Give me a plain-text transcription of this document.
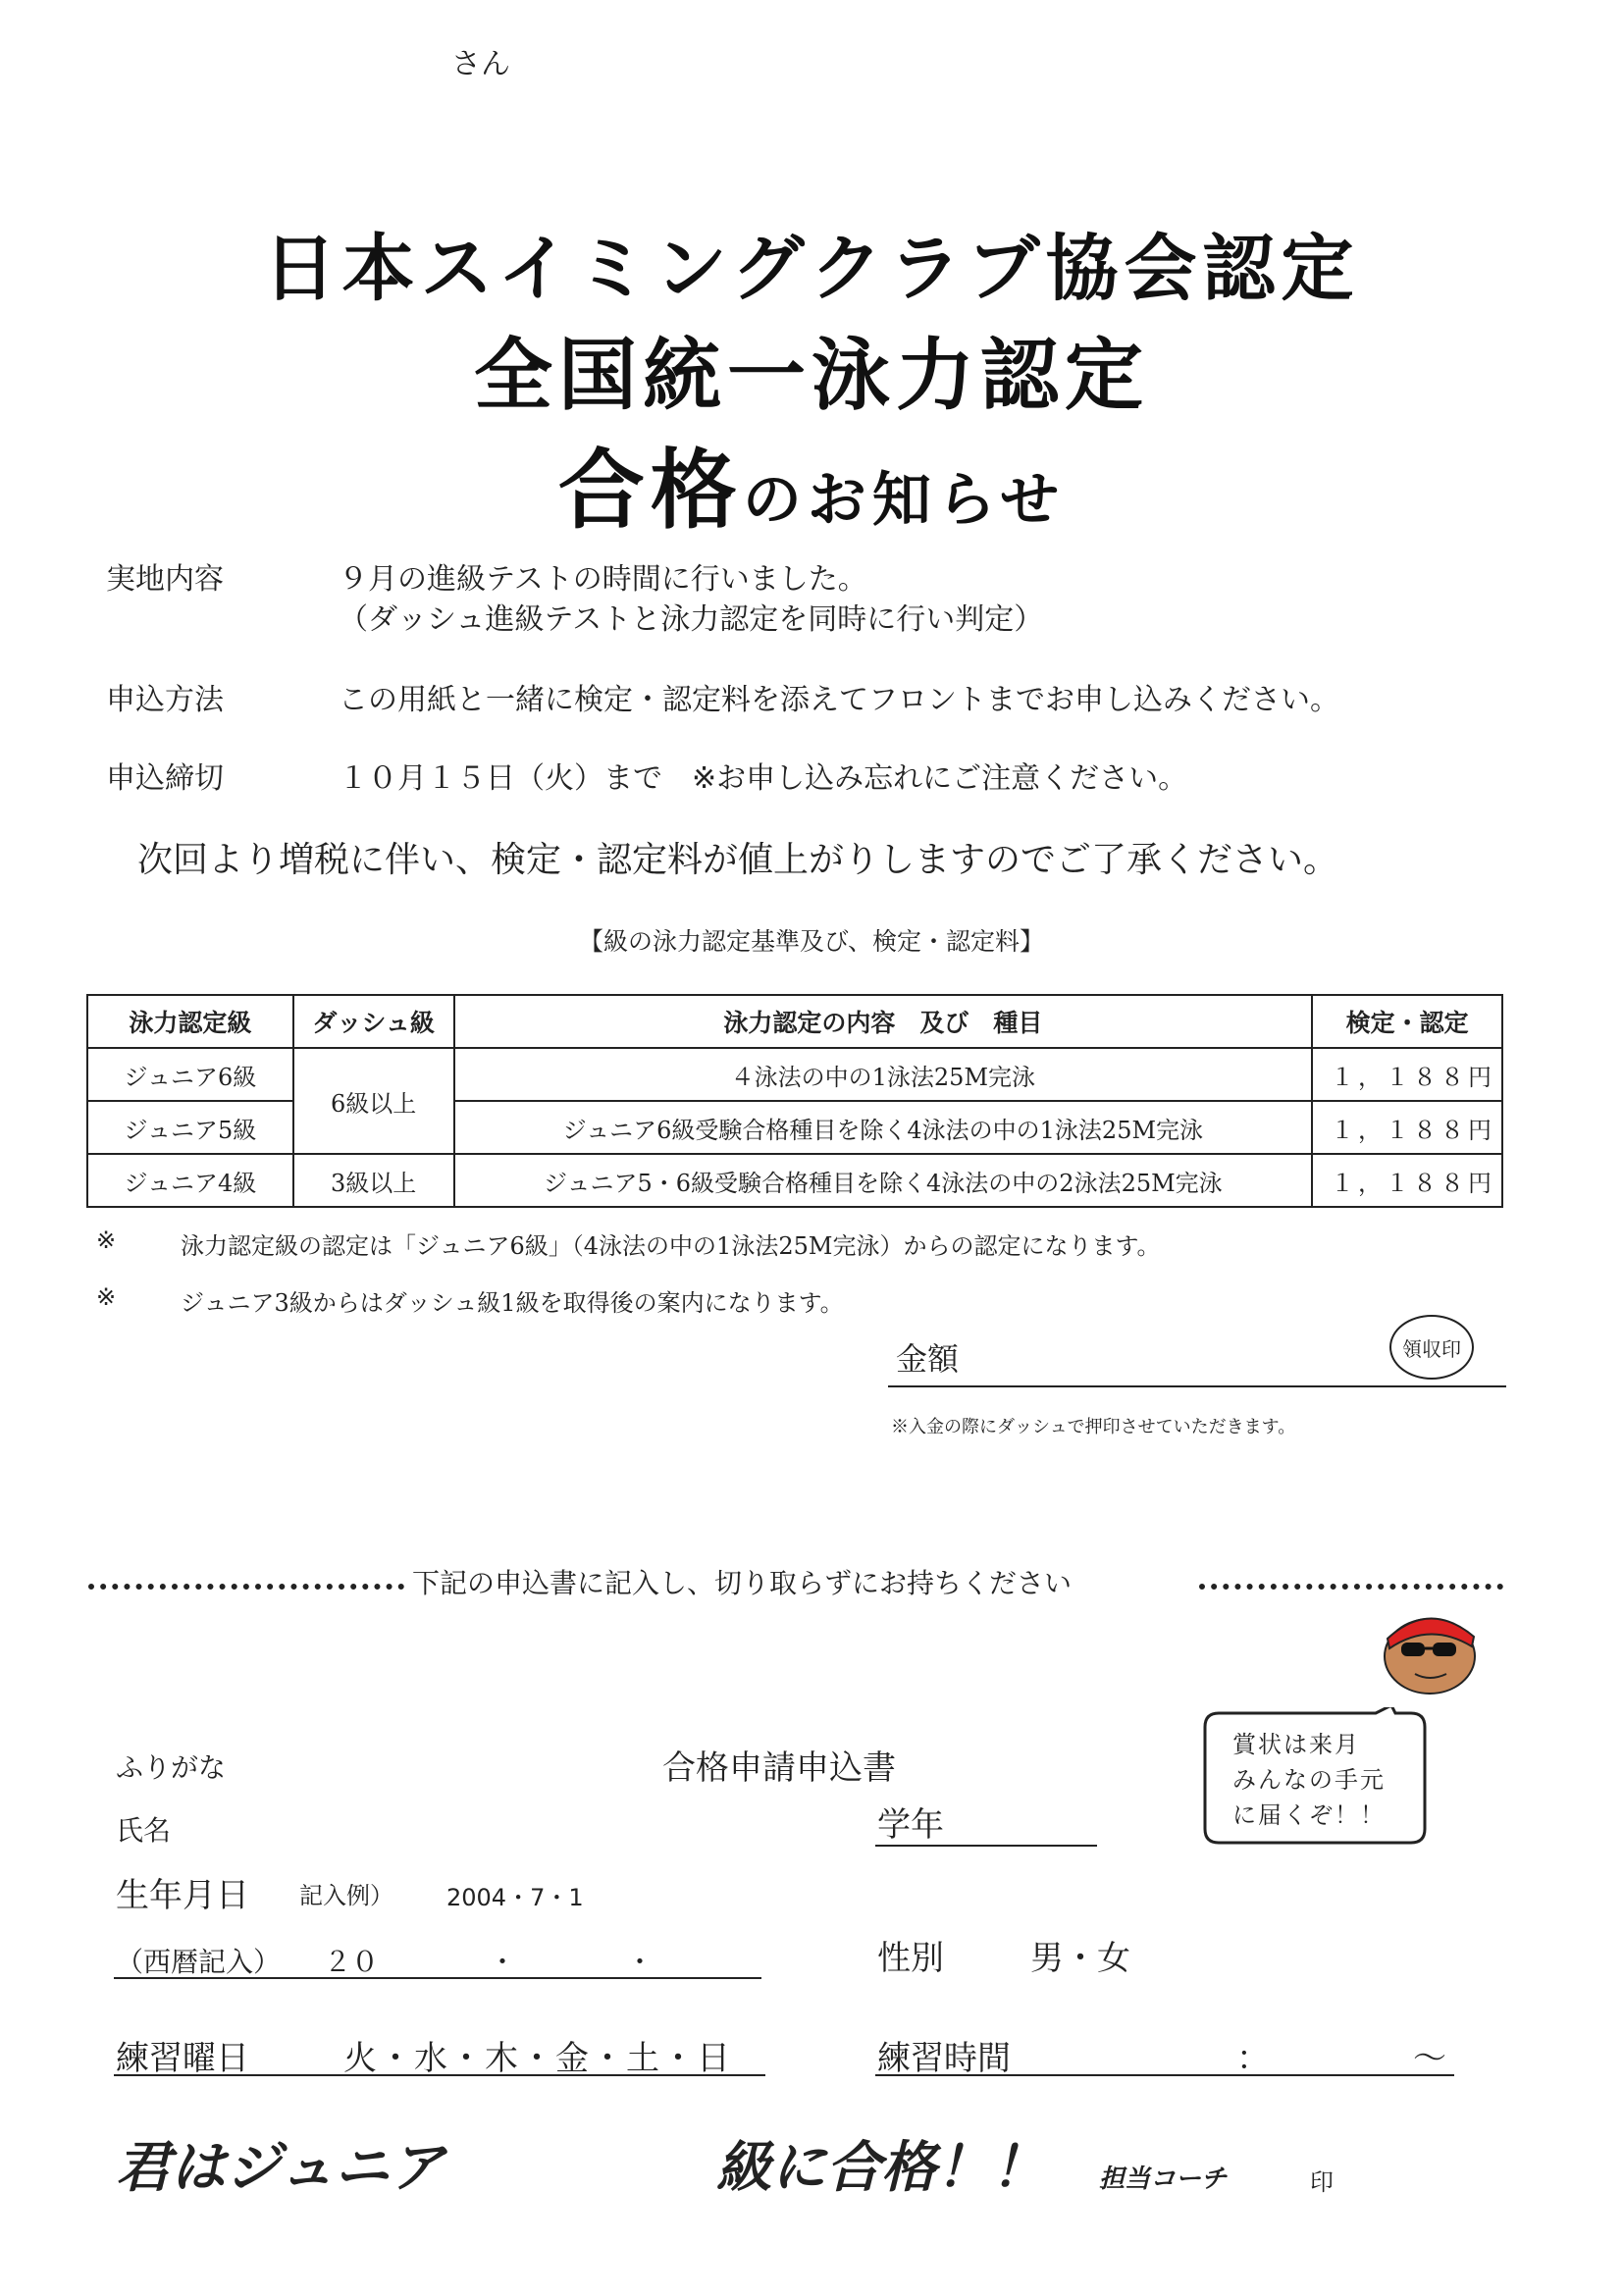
さん
日本スイミングクラブ協会認定
全国統一泳力認定
合格のお知らせ
実地内容	９月の進級テストの時間に行いました。
（ダッシュ進級テストと泳力認定を同時に行い判定）
申込方法	この用紙と一緒に検定・認定料を添えてフロントまでお申し込みください。
申込締切	１０月１５日（火）まで　※お申し込み忘れにご注意ください。
次回より増税に伴い、検定・認定料が値上がりしますのでご了承ください。
【級の泳力認定基準及び、検定・認定料】
泳力認定級	ダッシュ級	泳力認定の内容　及び　種目	検定・認定
ジュニア6級	6級以上	４泳法の中の1泳法25M完泳	１，１８８円
ジュニア5級		ジュニア6級受験合格種目を除く4泳法の中の1泳法25M完泳	１，１８８円
ジュニア4級	3級以上	ジュニア5・6級受験合格種目を除く4泳法の中の2泳法25M完泳	１，１８８円
※	泳力認定級の認定は「ジュニア6級」（4泳法の中の1泳法25M完泳）からの認定になります。
※	ジュニア3級からはダッシュ級1級を取得後の案内になります。
金額	領収印
※入金の際にダッシュで押印させていただきます。
下記の申込書に記入し、切り取らずにお持ちください
賞状は来月
みんなの手元
に届くぞ！！
合格申請申込書
ふりがな
氏名	学年
生年月日 記入例） 2004・7・1
（西暦記入） ２０　　　　・　　　　・	性別	男・女
練習曜日	火・水・木・金・土・日	練習時間	：	〜
君はジュニア	級に合格！！ 担当コーチ	印
